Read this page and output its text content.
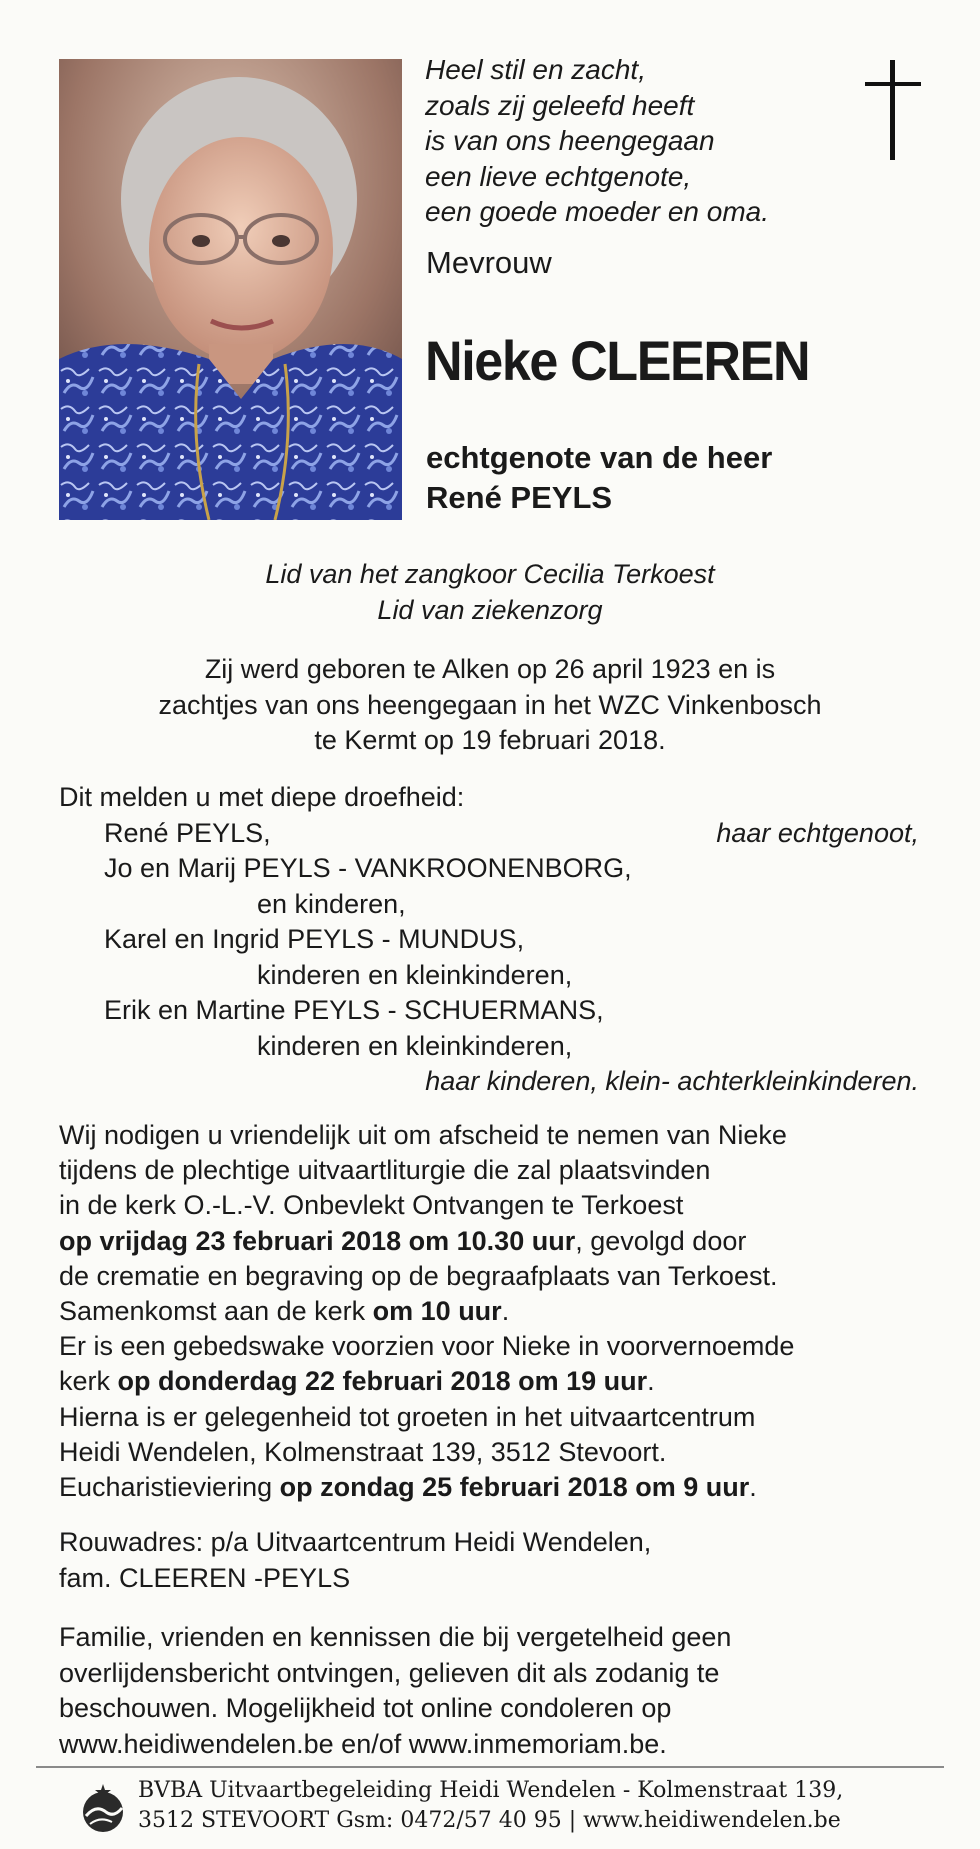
Heel stil en zacht,
zoals zij geleefd heeft
is van ons heengegaan
een lieve echtgenote,
een goede moeder en oma.

Mevrouw

Nieke CLEEREN

echtgenote van de heer

René PEYLS

Lid van het zangkoor Cecilia Terkoest
Lid van ziekenzorg
Zij werd geboren te Alken op 26 april 1923 en is
zachtjes van ons heengegaan in het WZC Vinkenbosch
te Kermt op 19 februari 2018.
Dit melden u met diepe droefheid:
René PEYLS,	haar echtgenoot,
Jo en Marij PEYLS - VANKROONENBORG,
en kinderen,
Karel en Ingrid PEYLS - MUNDUS,
kinderen en kleinkinderen,
Erik en Martine PEYLS - SCHUERMANS,
kinderen en kleinkinderen,
haar kinderen, klein- achterkleinkinderen.
Wij nodigen u vriendelijk uit om afscheid te nemen van Nieke
tijdens de plechtige uitvaartliturgie die zal plaatsvinden
in de kerk O.-L.-V. Onbevlekt Ontvangen te Terkoest
op vrijdag 23 februari 2018 om 10.30 uur, gevolgd door
de crematie en begraving op de begraafplaats van Terkoest.
Samenkomst aan de kerk om 10 uur.
Er is een gebedswake voorzien voor Nieke in voorvernoemde
kerk op donderdag 22 februari 2018 om 19 uur.
Hierna is er gelegenheid tot groeten in het uitvaartcentrum
Heidi Wendelen, Kolmenstraat 139, 3512 Stevoort.
Eucharistieviering op zondag 25 februari 2018 om 9 uur.
Rouwadres: p/a Uitvaartcentrum Heidi Wendelen,
fam. CLEEREN -PEYLS
Familie, vrienden en kennissen die bij vergetelheid geen
overlijdensbericht ontvingen, gelieven dit als zodanig te
beschouwen. Mogelijkheid tot online condoleren op
www.heidiwendelen.be en/of www.inmemoriam.be.
BVBA Uitvaartbegeleiding Heidi Wendelen - Kolmenstraat 139,
3512 STEVOORT Gsm: 0472/57 40 95 | www.heidiwendelen.be
